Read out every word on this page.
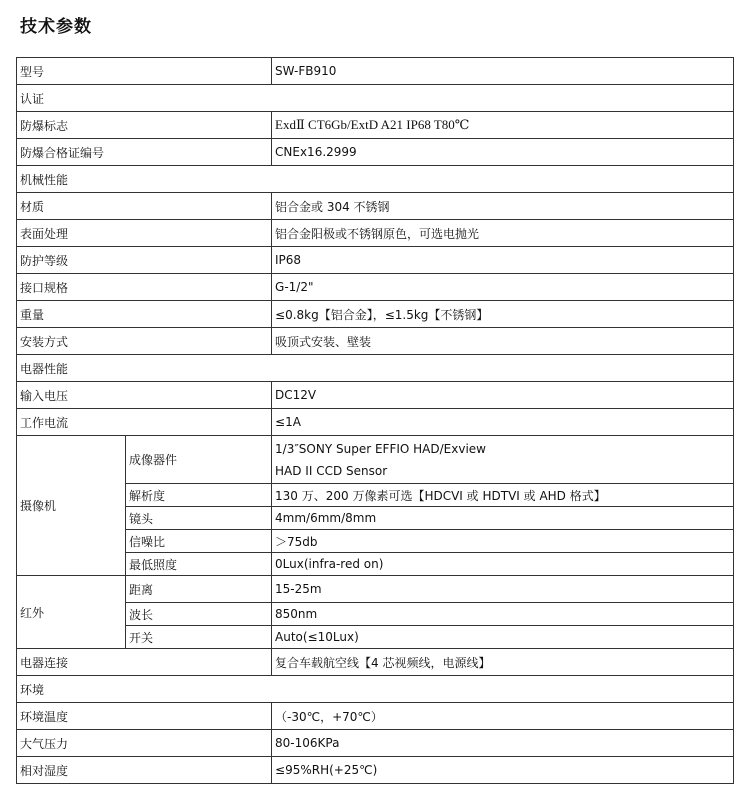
技术参数
型号		SW-FB910
认证		
防爆标志		ExdⅡ CT6Gb/ExtD A21 IP68 T80℃
防爆合格证编号		CNEx16.2999
机械性能		
材质		铝合金或 304 不锈钢
表面处理		铝合金阳极或不锈钢原色，可选电抛光
防护等级		IP68
接口规格		G-1/2"
重量		≤0.8kg【铝合金】，≤1.5kg【不锈钢】
安装方式		吸顶式安装、壁装
电器性能		
输入电压		DC12V
工作电流		≤1A
摄像机	成像器件	1/3″SONY Super EFFIO HAD/Exview
HAD II CCD Sensor

	解析度	130 万、200 万像素可选【HDCVI 或 HDTVI 或 AHD 格式】
	镜头	4mm/6mm/8mm
	信噪比	＞75db
	最低照度	0Lux(infra-red on)
红外	距离	15-25m
	波长	850nm
	开关	Auto(≤10Lux)
电器连接		复合车载航空线【4 芯视频线，电源线】
环境		
环境温度		（-30℃，+70℃）
大气压力		80-106KPa
相对湿度		≤95%RH(+25℃)
